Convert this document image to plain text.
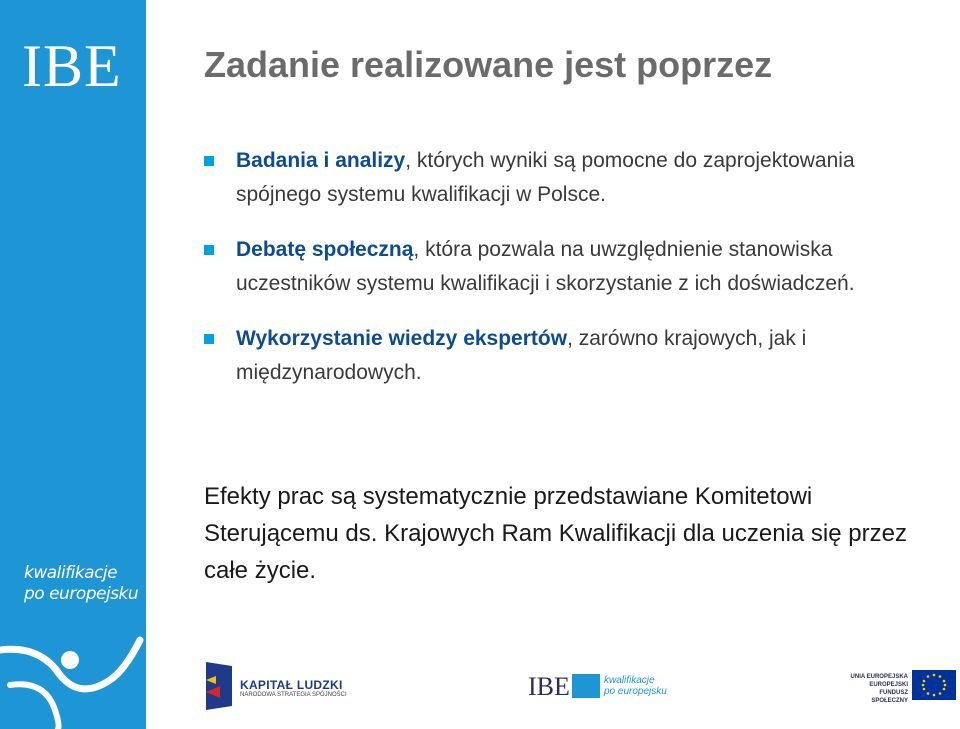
IBE
kwalifikacje
po europejsku
Zadanie realizowane jest poprzez
Badania i analizy, których wyniki są pomocne do zaprojektowania spójnego systemu kwalifikacji w Polsce.
Debatę społeczną, która pozwala na uwzględnienie stanowiska uczestników systemu kwalifikacji i skorzystanie z ich doświadczeń.
Wykorzystanie wiedzy ekspertów, zarówno krajowych, jak i międzynarodowych.
Efekty prac są systematycznie przedstawiane Komitetowi Sterującemu ds. Krajowych Ram Kwalifikacji dla uczenia się przez całe życie.
KAPITAŁ LUDZKI
NARODOWA STRATEGIA SPÓJNOŚCI	IBE	kwalifikacje
po europejsku
UNIA EUROPEJSKA
EUROPEJSKI
FUNDUSZ SPOŁECZNY
